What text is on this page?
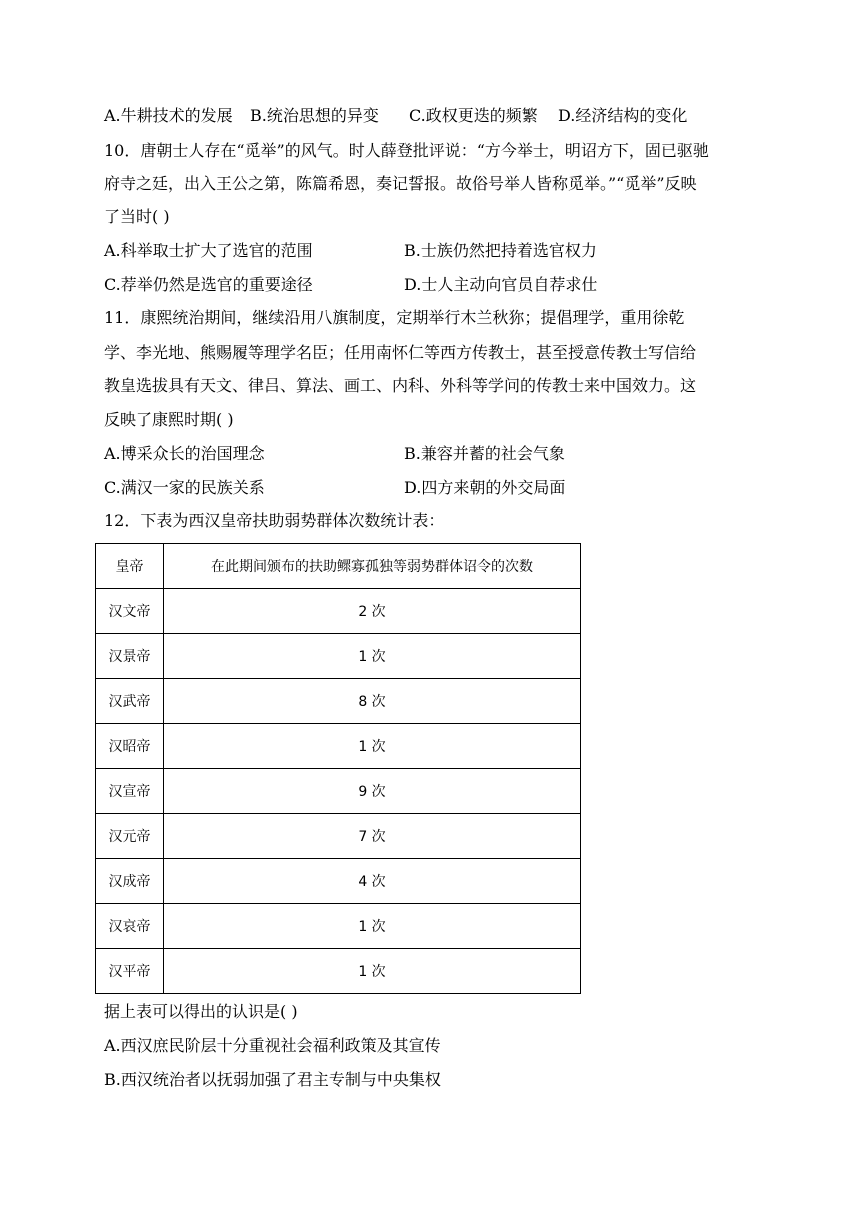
A.牛耕技术的发展 B.统治思想的异变 C.政权更迭的频繁 D.经济结构的变化
10．唐朝士人存在“觅举”的风气。时人薛登批评说：“方今举士，明诏方下，固已驱驰
府寺之廷，出入王公之第，陈篇希恩，奏记誓报。故俗号举人皆称觅举。”“觅举”反映
了当时( )
A.科举取士扩大了选官的范围	B.士族仍然把持着选官权力
C.荐举仍然是选官的重要途径	D.士人主动向官员自荐求仕
11．康熙统治期间，继续沿用八旗制度，定期举行木兰秋狝；提倡理学，重用徐乾
学、李光地、熊赐履等理学名臣；任用南怀仁等西方传教士，甚至授意传教士写信给
教皇选拔具有天文、律吕、算法、画工、内科、外科等学问的传教士来中国效力。这
反映了康熙时期( )
A.博采众长的治国理念	B.兼容并蓄的社会气象
C.满汉一家的民族关系	D.四方来朝的外交局面
12．下表为西汉皇帝扶助弱势群体次数统计表：
皇帝	在此期间颁布的扶助鳏寡孤独等弱势群体诏令的次数
汉文帝	2 次
汉景帝	1 次
汉武帝	8 次
汉昭帝	1 次
汉宣帝	9 次
汉元帝	7 次
汉成帝	4 次
汉哀帝	1 次
汉平帝	1 次
据上表可以得出的认识是( )
A.西汉庶民阶层十分重视社会福利政策及其宣传
B.西汉统治者以抚弱加强了君主专制与中央集权
